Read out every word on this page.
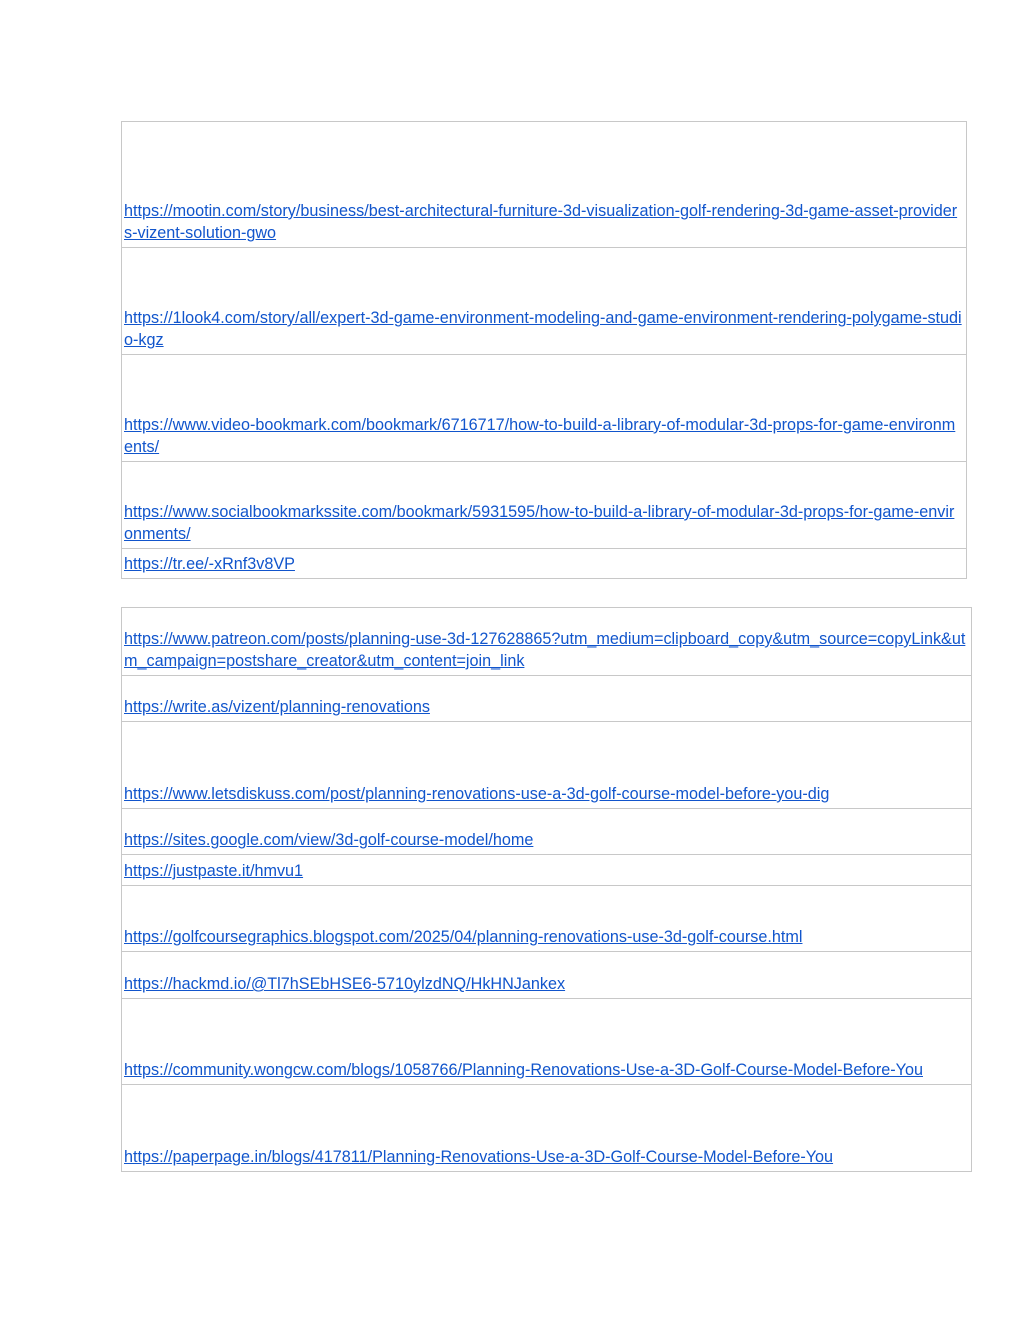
https://mootin.com/story/business/best-architectural-furniture-3d-visualization-golf-rendering-3d-game-asset-providers-vizent-solution-gwo

https://1look4.com/story/all/expert-3d-game-environment-modeling-and-game-environment-rendering-polygame-studio-kgz

https://www.video-bookmark.com/bookmark/6716717/how-to-build-a-library-of-modular-3d-props-for-game-environments/

https://www.socialbookmarkssite.com/bookmark/5931595/how-to-build-a-library-of-modular-3d-props-for-game-environments/

https://tr.ee/-xRnf3v8VP
https://www.patreon.com/posts/planning-use-3d-127628865?utm_medium=clipboard_copy&utm_source=copyLink&utm_campaign=postshare_creator&utm_content=join_link

https://write.as/vizent/planning-renovations

https://www.letsdiskuss.com/post/planning-renovations-use-a-3d-golf-course-model-before-you-dig

https://sites.google.com/view/3d-golf-course-model/home

https://justpaste.it/hmvu1

https://golfcoursegraphics.blogspot.com/2025/04/planning-renovations-use-3d-golf-course.html

https://hackmd.io/@Tl7hSEbHSE6-5710ylzdNQ/HkHNJankex

https://community.wongcw.com/blogs/1058766/Planning-Renovations-Use-a-3D-Golf-Course-Model-Before-You

https://paperpage.in/blogs/417811/Planning-Renovations-Use-a-3D-Golf-Course-Model-Before-You
